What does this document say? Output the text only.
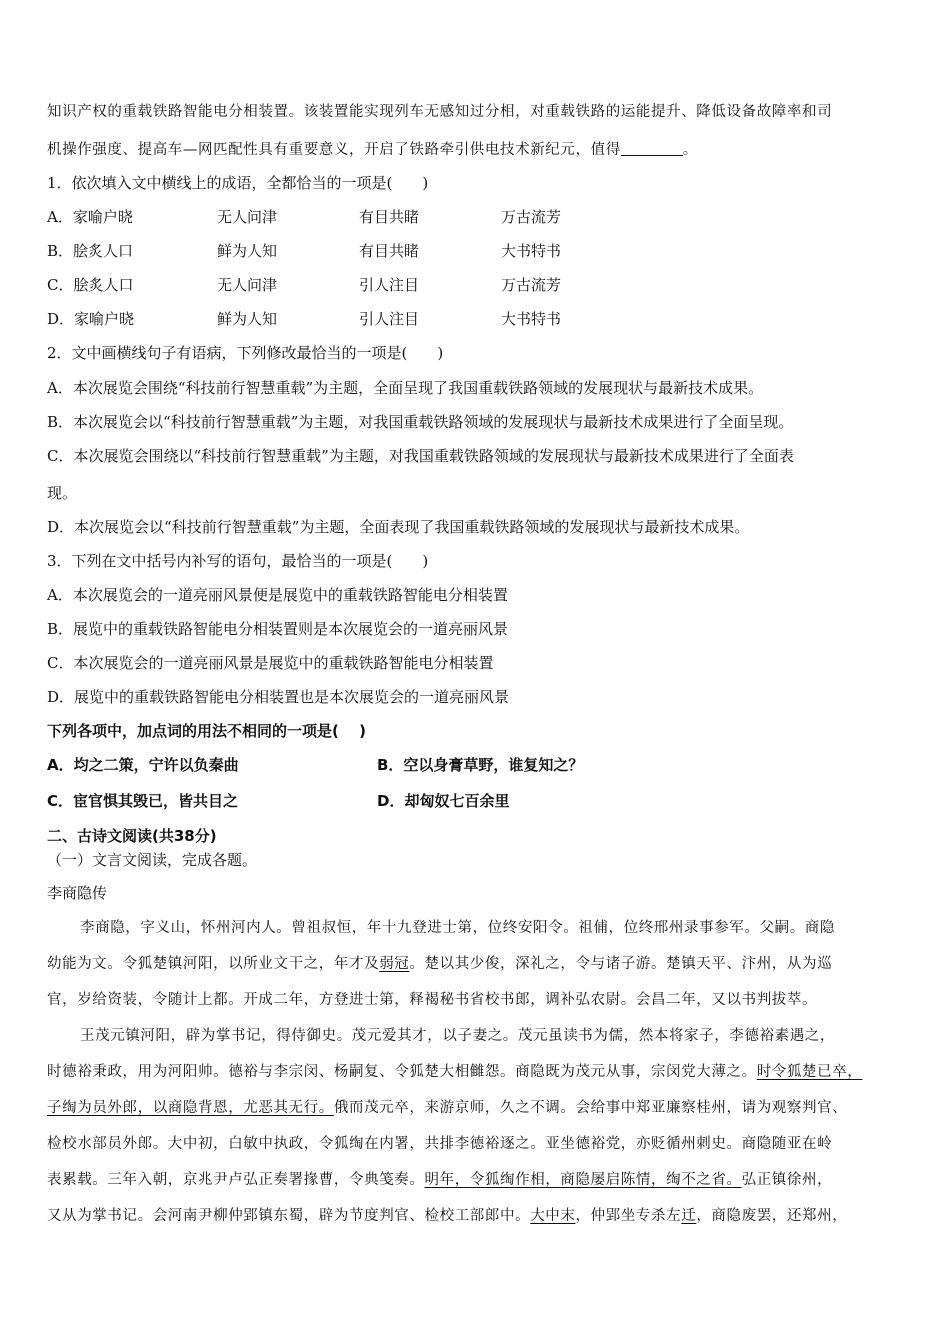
知识产权的重载铁路智能电分相装置。该装置能实现列车无感知过分相，对重载铁路的运能提升、降低设备故障率和司
机操作强度、提高车—网匹配性具有重要意义，开启了铁路牵引供电技术新纪元，值得	。
1．依次填入文中横线上的成语，全都恰当的一项是(　　)
A．家喻户晓	无人问津	有目共睹	万古流芳
B．脍炙人口	鲜为人知	有目共睹	大书特书
C．脍炙人口	无人问津	引人注目	万古流芳
D．家喻户晓	鲜为人知	引人注目	大书特书
2．文中画横线句子有语病，下列修改最恰当的一项是(　　)
A．本次展览会围绕“科技前行智慧重载”为主题，全面呈现了我国重载铁路领域的发展现状与最新技术成果。
B．本次展览会以“科技前行智慧重载”为主题，对我国重载铁路领域的发展现状与最新技术成果进行了全面呈现。
C．本次展览会围绕以“科技前行智慧重载”为主题，对我国重载铁路领域的发展现状与最新技术成果进行了全面表
现。
D．本次展览会以“科技前行智慧重载”为主题，全面表现了我国重载铁路领域的发展现状与最新技术成果。
3．下列在文中括号内补写的语句，最恰当的一项是(　　)
A．本次展览会的一道亮丽风景便是展览中的重载铁路智能电分相装置
B．展览中的重载铁路智能电分相装置则是本次展览会的一道亮丽风景
C．本次展览会的一道亮丽风景是展览中的重载铁路智能电分相装置
D．展览中的重载铁路智能电分相装置也是本次展览会的一道亮丽风景
下列各项中，加点词的用法不相同的一项是(　 )
A．均之二策，宁许以负秦曲	B．空以身膏草野，谁复知之？
C．宦官惧其毁已，皆共目之	D．却匈奴七百余里
二、古诗文阅读(共38分)
（一）文言文阅读，完成各题。
李商隐传
李商隐，字义山，怀州河内人。曾祖叔恒，年十九登进士第，位终安阳令。祖俌，位终邢州录事参军。父嗣。商隐
幼能为文。令狐楚镇河阳，以所业文干之，年才及弱冠。楚以其少俊，深礼之，令与诸子游。楚镇天平、汴州，从为巡
官，岁给资装，令随计上都。开成二年，方登进士第，释褐秘书省校书郎，调补弘农尉。会昌二年，又以书判拔萃。
王茂元镇河阳，辟为掌书记，得侍御史。茂元爱其才，以子妻之。茂元虽读书为儒，然本将家子，李德裕素遇之，
时德裕秉政，用为河阳帅。德裕与李宗闵、杨嗣复、令狐楚大相雠怨。商隐既为茂元从事，宗闵党大薄之。时令狐楚已卒，
子绹为员外郎，以商隐背恩，尤恶其无行。俄而茂元卒，来游京师，久之不调。会给事中郑亚廉察桂州，请为观察判官、
检校水部员外郎。大中初，白敏中执政，令狐绹在内署，共排李德裕逐之。亚坐德裕党，亦贬循州刺史。商隐随亚在岭
表累载。三年入朝，京兆尹卢弘正奏署掾曹，令典笺奏。明年，令狐绹作相，商隐屡启陈情，绹不之省。弘正镇徐州，
又从为掌书记。会河南尹柳仲郢镇东蜀，辟为节度判官、检校工部郎中。大中末，仲郢坐专杀左迁，商隐废罢，还郑州，
